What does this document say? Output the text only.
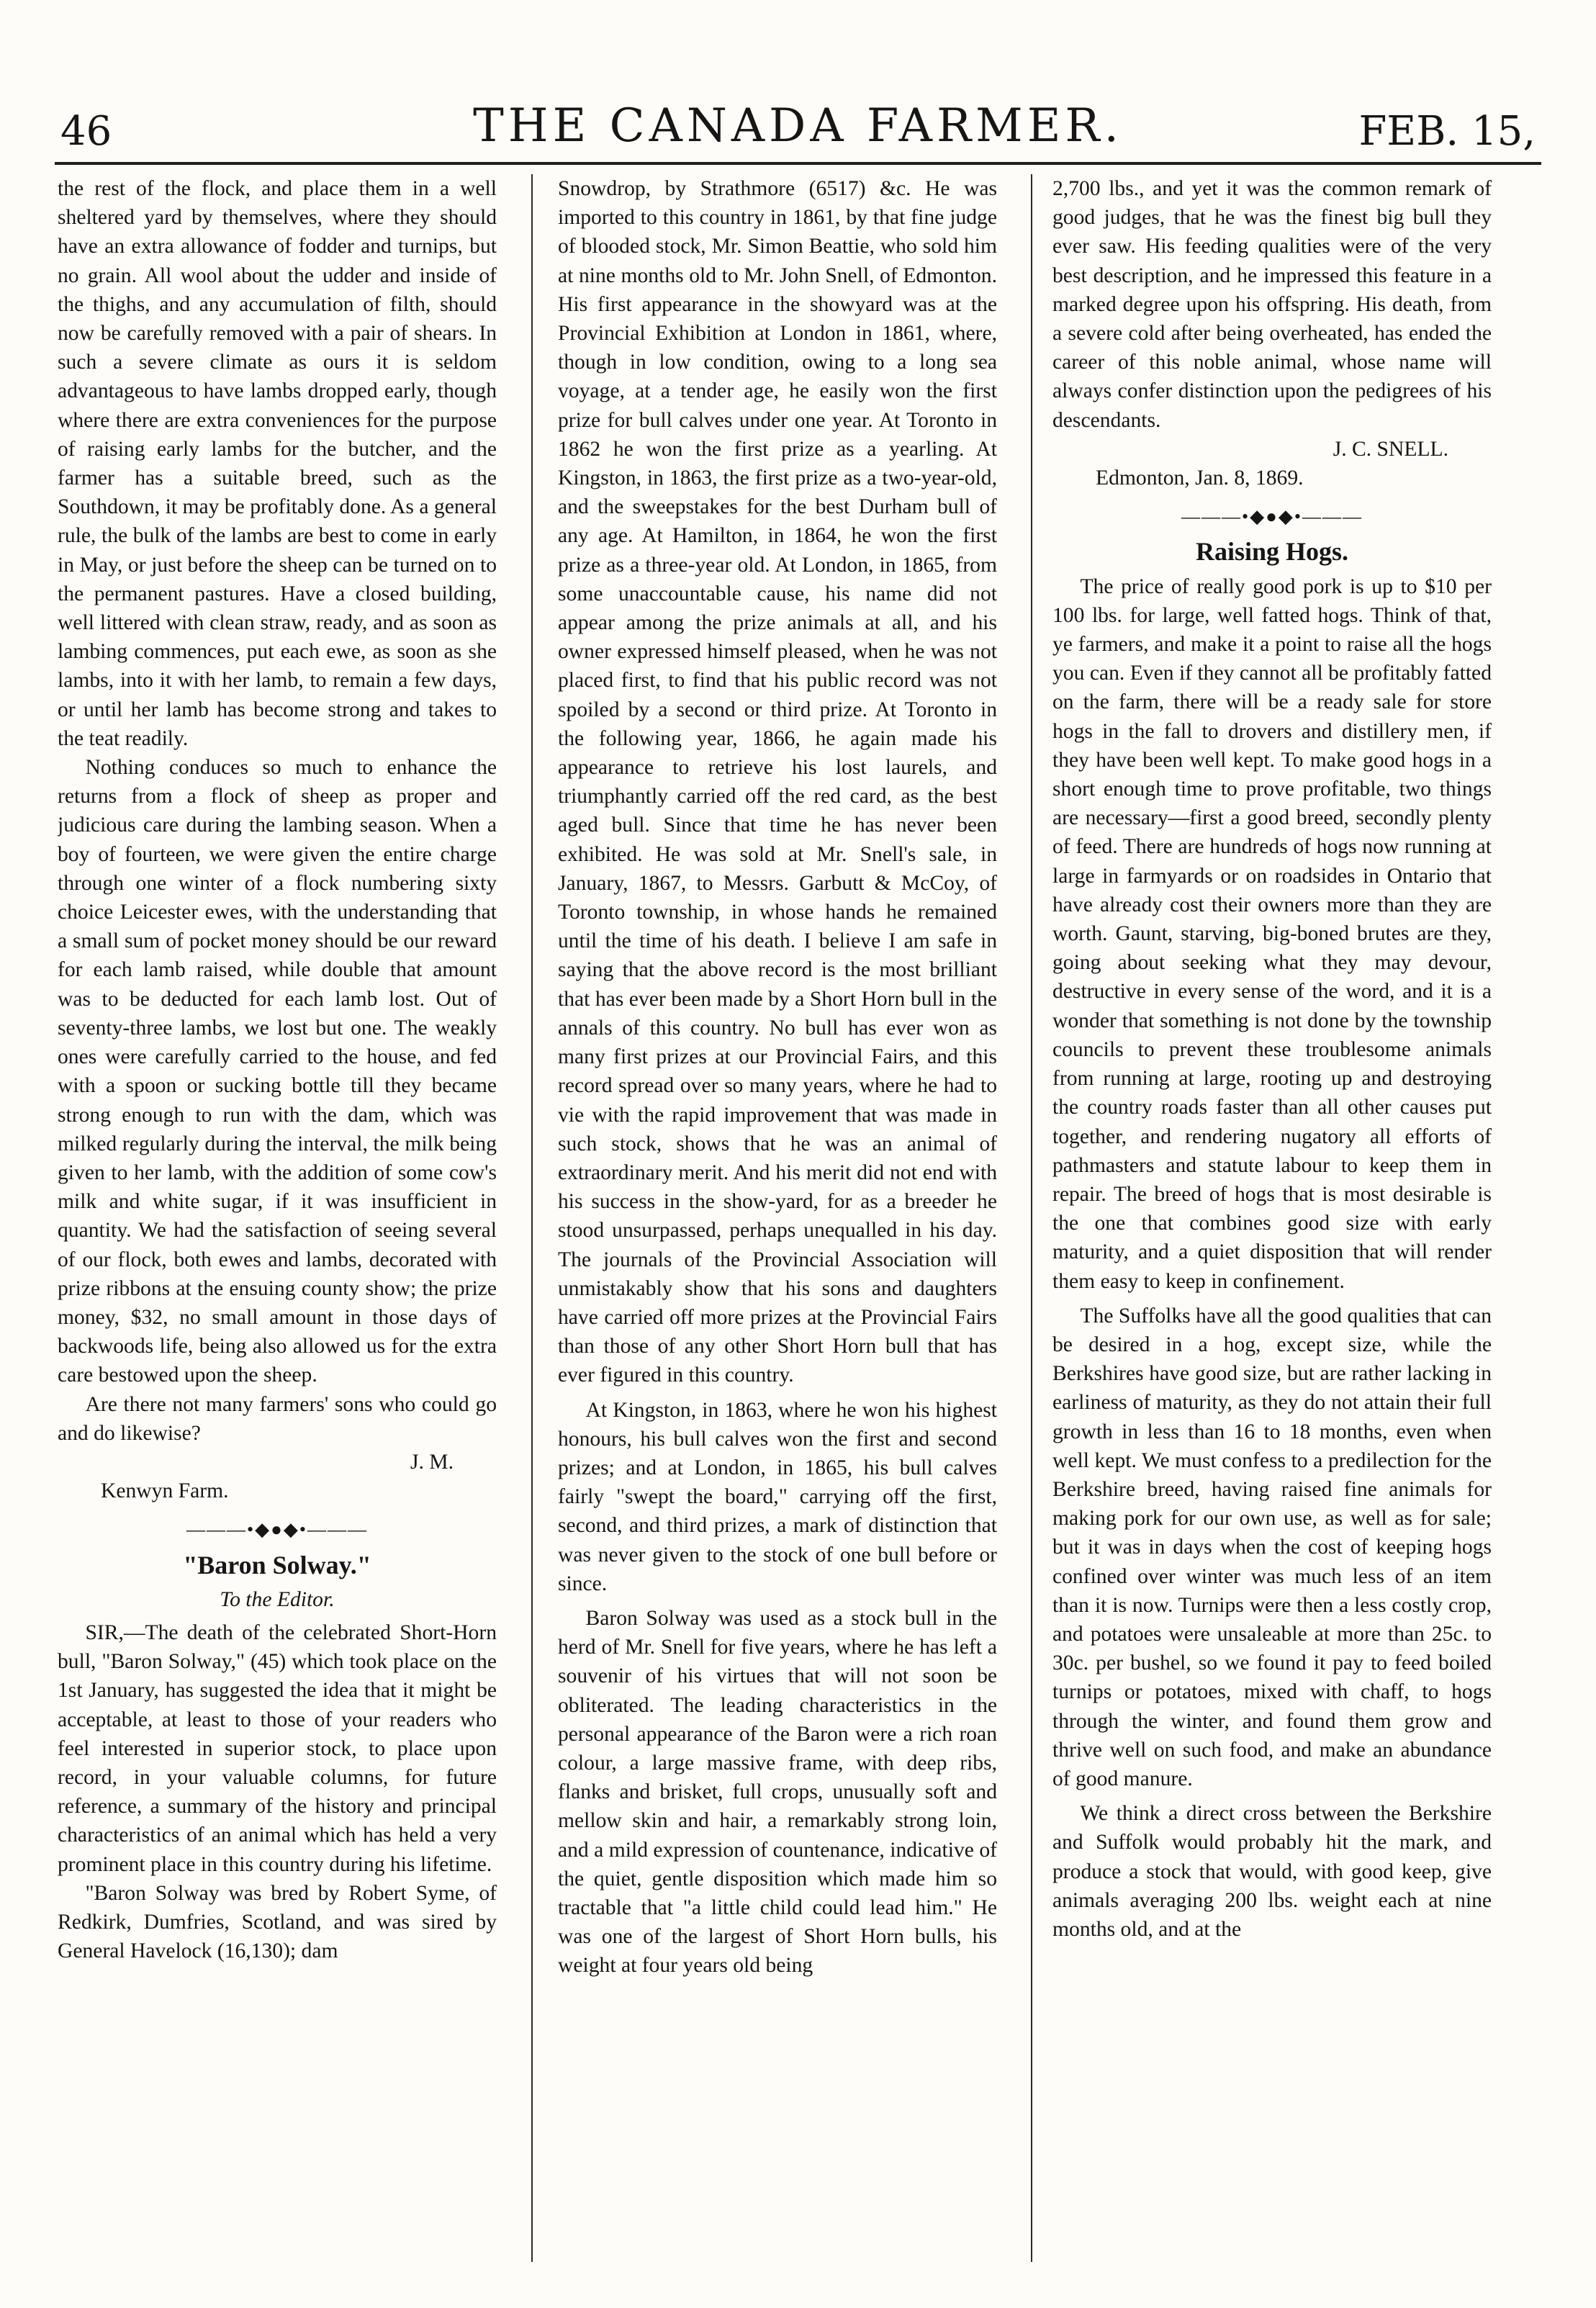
46	THE CANADA FARMER.	FEB. 15,

the rest of the flock, and place them in a well sheltered yard by themselves, where they should have an extra allowance of fodder and turnips, but no grain. All wool about the udder and inside of the thighs, and any accumulation of filth, should now be carefully removed with a pair of shears. In such a severe climate as ours it is seldom advantageous to have lambs dropped early, though where there are extra conveniences for the purpose of raising early lambs for the butcher, and the farmer has a suitable breed, such as the Southdown, it may be profitably done. As a general rule, the bulk of the lambs are best to come in early in May, or just before the sheep can be turned on to the permanent pastures. Have a closed building, well littered with clean straw, ready, and as soon as lambing commences, put each ewe, as soon as she lambs, into it with her lamb, to remain a few days, or until her lamb has become strong and takes to the teat readily.

Nothing conduces so much to enhance the returns from a flock of sheep as proper and judicious care during the lambing season. When a boy of fourteen, we were given the entire charge through one winter of a flock numbering sixty choice Leicester ewes, with the understanding that a small sum of pocket money should be our reward for each lamb raised, while double that amount was to be deducted for each lamb lost. Out of seventy-three lambs, we lost but one. The weakly ones were carefully carried to the house, and fed with a spoon or sucking bottle till they became strong enough to run with the dam, which was milked regularly during the interval, the milk being given to her lamb, with the addition of some cow's milk and white sugar, if it was insufficient in quantity. We had the satisfaction of seeing several of our flock, both ewes and lambs, decorated with prize ribbons at the ensuing county show; the prize money, $32, no small amount in those days of backwoods life, being also allowed us for the extra care bestowed upon the sheep.

Are there not many farmers' sons who could go and do likewise?

J. M.
Kenwyn Farm.
———•◆●◆•———
"Baron Solway."
To the Editor.

SIR,—The death of the celebrated Short-Horn bull, "Baron Solway," (45) which took place on the 1st January, has suggested the idea that it might be acceptable, at least to those of your readers who feel interested in superior stock, to place upon record, in your valuable columns, for future reference, a summary of the history and principal characteristics of an animal which has held a very prominent place in this country during his lifetime.

"Baron Solway was bred by Robert Syme, of Redkirk, Dumfries, Scotland, and was sired by General Havelock (16,130); dam

Snowdrop, by Strathmore (6517) &c. He was imported to this country in 1861, by that fine judge of blooded stock, Mr. Simon Beattie, who sold him at nine months old to Mr. John Snell, of Edmonton. His first appearance in the showyard was at the Provincial Exhibition at London in 1861, where, though in low condition, owing to a long sea voyage, at a tender age, he easily won the first prize for bull calves under one year. At Toronto in 1862 he won the first prize as a yearling. At Kingston, in 1863, the first prize as a two-year-old, and the sweepstakes for the best Durham bull of any age. At Hamilton, in 1864, he won the first prize as a three-year old. At London, in 1865, from some unaccountable cause, his name did not appear among the prize animals at all, and his owner expressed himself pleased, when he was not placed first, to find that his public record was not spoiled by a second or third prize. At Toronto in the following year, 1866, he again made his appearance to retrieve his lost laurels, and triumphantly carried off the red card, as the best aged bull. Since that time he has never been exhibited. He was sold at Mr. Snell's sale, in January, 1867, to Messrs. Garbutt & McCoy, of Toronto township, in whose hands he remained until the time of his death. I believe I am safe in saying that the above record is the most brilliant that has ever been made by a Short Horn bull in the annals of this country. No bull has ever won as many first prizes at our Provincial Fairs, and this record spread over so many years, where he had to vie with the rapid improvement that was made in such stock, shows that he was an animal of extraordinary merit. And his merit did not end with his success in the show-yard, for as a breeder he stood unsurpassed, perhaps unequalled in his day. The journals of the Provincial Association will unmistakably show that his sons and daughters have carried off more prizes at the Provincial Fairs than those of any other Short Horn bull that has ever figured in this country.

At Kingston, in 1863, where he won his highest honours, his bull calves won the first and second prizes; and at London, in 1865, his bull calves fairly "swept the board," carrying off the first, second, and third prizes, a mark of distinction that was never given to the stock of one bull before or since.

Baron Solway was used as a stock bull in the herd of Mr. Snell for five years, where he has left a souvenir of his virtues that will not soon be obliterated. The leading characteristics in the personal appearance of the Baron were a rich roan colour, a large massive frame, with deep ribs, flanks and brisket, full crops, unusually soft and mellow skin and hair, a remarkably strong loin, and a mild expression of countenance, indicative of the quiet, gentle disposition which made him so tractable that "a little child could lead him." He was one of the largest of Short Horn bulls, his weight at four years old being

2,700 lbs., and yet it was the common remark of good judges, that he was the finest big bull they ever saw. His feeding qualities were of the very best description, and he impressed this feature in a marked degree upon his offspring. His death, from a severe cold after being overheated, has ended the career of this noble animal, whose name will always confer distinction upon the pedigrees of his descendants.

J. C. SNELL.
Edmonton, Jan. 8, 1869.
———•◆●◆•———
Raising Hogs.

The price of really good pork is up to $10 per 100 lbs. for large, well fatted hogs. Think of that, ye farmers, and make it a point to raise all the hogs you can. Even if they cannot all be profitably fatted on the farm, there will be a ready sale for store hogs in the fall to drovers and distillery men, if they have been well kept. To make good hogs in a short enough time to prove profitable, two things are necessary—first a good breed, secondly plenty of feed. There are hundreds of hogs now running at large in farmyards or on roadsides in Ontario that have already cost their owners more than they are worth. Gaunt, starving, big-boned brutes are they, going about seeking what they may devour, destructive in every sense of the word, and it is a wonder that something is not done by the township councils to prevent these troublesome animals from running at large, rooting up and destroying the country roads faster than all other causes put together, and rendering nugatory all efforts of pathmasters and statute labour to keep them in repair. The breed of hogs that is most desirable is the one that combines good size with early maturity, and a quiet disposition that will render them easy to keep in confinement.

The Suffolks have all the good qualities that can be desired in a hog, except size, while the Berkshires have good size, but are rather lacking in earliness of maturity, as they do not attain their full growth in less than 16 to 18 months, even when well kept. We must confess to a predilection for the Berkshire breed, having raised fine animals for making pork for our own use, as well as for sale; but it was in days when the cost of keeping hogs confined over winter was much less of an item than it is now. Turnips were then a less costly crop, and potatoes were unsaleable at more than 25c. to 30c. per bushel, so we found it pay to feed boiled turnips or potatoes, mixed with chaff, to hogs through the winter, and found them grow and thrive well on such food, and make an abundance of good manure.

We think a direct cross between the Berkshire and Suffolk would probably hit the mark, and produce a stock that would, with good keep, give animals averaging 200 lbs. weight each at nine months old, and at the
